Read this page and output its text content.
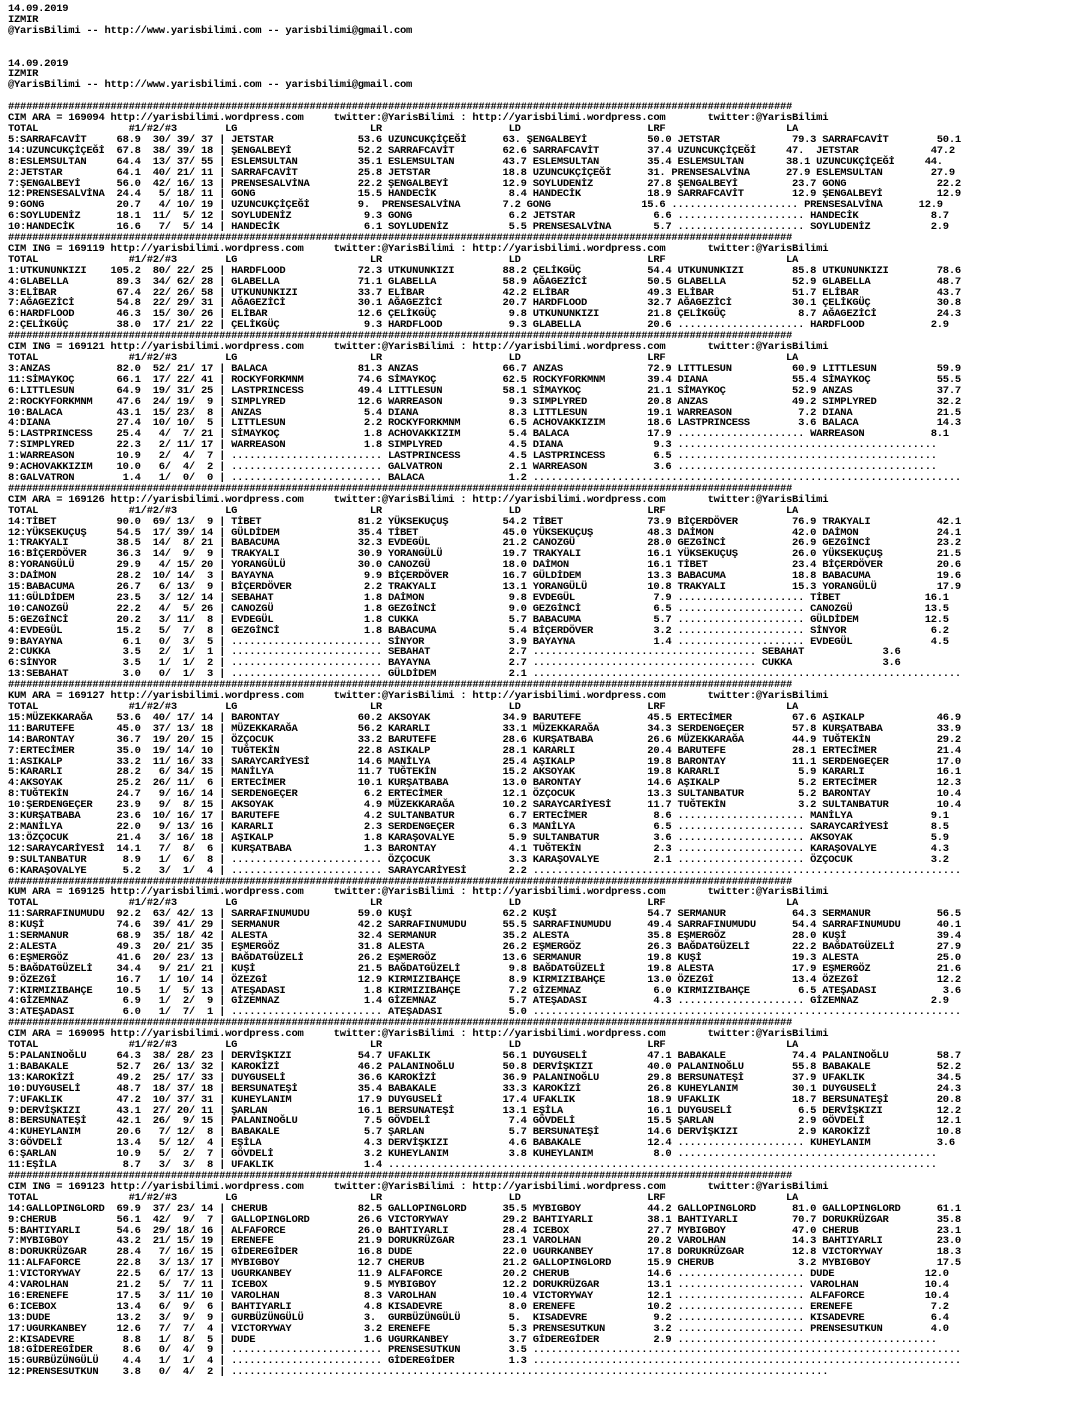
14.09.2019
IZMIR
@YarisBilimi -- http://www.yarisbilimi.com -- yarisbilimi@gmail.com

14.09.2019
IZMIR
@YarisBilimi -- http://www.yarisbilimi.com -- yarisbilimi@gmail.com

##################################################################################################################################
CIM ARA = 169094 http://yarisbilimi.wordpress.com     twitter:@YarisBilimi : http://yarisbilimi.wordpress.com       twitter:@YarisBilimi
TOTAL               #1/#2/#3        LG                      LR                     LD                     LRF                    LA
5:SARRAFCAVİT     68.9  30/ 39/ 37 | JETSTAR              53.6 UZUNCUKÇİÇEĞİ      63. ŞENGALBEYİ          50.0 JETSTAR            79.3 SARRAFCAVİT        50.1
14:UZUNCUKÇİÇEĞİ  67.8  38/ 39/ 18 | ŞENGALBEYİ           52.2 SARRAFCAVİT        62.6 SARRAFCAVİT        37.4 UZUNCUKÇİÇEĞİ     47.  JETSTAR            47.2
8:ESLEMSULTAN     64.4  13/ 37/ 55 | ESLEMSULTAN          35.1 ESLEMSULTAN        43.7 ESLEMSULTAN        35.4 ESLEMSULTAN       38.1 UZUNCUKÇİÇEĞİ     44.
2:JETSTAR         64.1  40/ 21/ 11 | SARRAFCAVİT          25.8 JETSTAR            18.8 UZUNCUKÇİÇEĞİ      31. PRENSESALVİNA      27.9 ESLEMSULTAN        27.9
7:ŞENGALBEYİ      56.0  42/ 16/ 13 | PRENSESALVİNA        22.2 ŞENGALBEYİ         12.9 SOYLUDENİZ         27.8 ŞENGALBEYİ         23.7 GONG               22.2
12:PRENSESALVİNA  24.4   5/ 18/ 11 | GONG                 15.5 HANDECİK            8.4 HANDECİK           18.9 SARRAFCAVİT        12.9 ŞENGALBEYİ         12.9
9:GONG            20.7   4/ 10/ 19 | UZUNCUKÇİÇEĞİ        9.  PRENSESALVİNA       7.2 GONG               15.6 ..................... PRENSESALVİNA      12.9
6:SOYLUDENİZ      18.1  11/  5/ 12 | SOYLUDENİZ            9.3 GONG                6.2 JETSTAR             6.6 ..................... HANDECİK            8.7
10:HANDECİK       16.6   7/  5/ 14 | HANDECİK              6.1 SOYLUDENİZ          5.5 PRENSESALVİNA       5.7 ..................... SOYLUDENİZ          2.9
##################################################################################################################################
CIM ING = 169119 http://yarisbilimi.wordpress.com     twitter:@YarisBilimi : http://yarisbilimi.wordpress.com       twitter:@YarisBilimi
TOTAL               #1/#2/#3        LG                      LR                     LD                     LRF                    LA
1:UTKUNUNKIZI    105.2  80/ 22/ 25 | HARDFLOOD            72.3 UTKUNUNKIZI        88.2 ÇELİKGÜÇ           54.4 UTKUNUNKIZI        85.8 UTKUNUNKIZI        78.6
4:GLABELLA        89.3  34/ 62/ 28 | GLABELLA             71.1 GLABELLA           58.9 AĞAGEZİCİ          50.5 GLABELLA           52.9 GLABELLA           48.7
3:ELİBAR          67.4  22/ 26/ 58 | UTKUNUNKIZI          33.7 ELİBAR             42.2 ELİBAR             49.3 ELİBAR             51.7 ELİBAR             43.7
7:AĞAGEZİCİ       54.8  22/ 29/ 31 | AĞAGEZİCİ            30.1 AĞAGEZİCİ          20.7 HARDFLOOD          32.7 AĞAGEZİCİ          30.1 ÇELİKGÜÇ           30.8
6:HARDFLOOD       46.3  15/ 30/ 26 | ELİBAR               12.6 ÇELİKGÜÇ            9.8 UTKUNUNKIZI        21.8 ÇELİKGÜÇ            8.7 AĞAGEZİCİ          24.3
2:ÇELİKGÜÇ        38.0  17/ 21/ 22 | ÇELİKGÜÇ              9.3 HARDFLOOD           9.3 GLABELLA           20.6 ..................... HARDFLOOD           2.9
##################################################################################################################################
CIM ING = 169121 http://yarisbilimi.wordpress.com     twitter:@YarisBilimi : http://yarisbilimi.wordpress.com       twitter:@YarisBilimi
TOTAL               #1/#2/#3        LG                      LR                     LD                     LRF                    LA
3:ANZAS           82.0  52/ 21/ 17 | BALACA               81.3 ANZAS              66.7 ANZAS              72.9 LITTLESUN          60.9 LITTLESUN          59.9
11:SİMAYKOÇ       66.1  17/ 22/ 41 | ROCKYFORKMNM         74.6 SİMAYKOÇ           62.5 ROCKYFORKMNM       39.4 DIANA              55.4 SİMAYKOÇ           55.5
6:LITTLESUN       64.9  19/ 31/ 25 | LASTPRINCESS         49.4 LITTLESUN          58.1 SİMAYKOÇ           21.1 SİMAYKOÇ           52.9 ANZAS              37.7
2:ROCKYFORKMNM    47.6  24/ 19/  9 | SIMPLYRED            12.6 WARREASON           9.3 SIMPLYRED          20.8 ANZAS              49.2 SIMPLYRED          32.2
10:BALACA         43.1  15/ 23/  8 | ANZAS                 5.4 DIANA               8.3 LITTLESUN          19.1 WARREASON           7.2 DIANA              21.5
4:DIANA           27.4  10/ 10/  5 | LITTLESUN             2.2 ROCKYFORKMNM        6.5 ACHOVAKKIZIM       18.6 LASTPRINCESS        3.6 BALACA             14.3
5:LASTPRINCESS    25.4   4/  7/ 21 | SİMAYKOÇ              1.8 ACHOVAKKIZIM        5.4 BALACA             17.9 ..................... WARREASON           8.1
7:SIMPLYRED       22.3   2/ 11/ 17 | WARREASON             1.8 SIMPLYRED           4.5 DIANA               9.3 ...........................................
1:WARREASON       10.9   2/  4/  7 | ......................... LASTPRINCESS        4.5 LASTPRINCESS        6.5 ...........................................
9:ACHOVAKKIZIM    10.0   6/  4/  2 | ......................... GALVATRON           2.1 WARREASON           3.6 ...........................................
8:GALVATRON        1.4   1/  0/  0 | ......................... BALACA              1.2 .......................................................................
##################################################################################################################################
CIM ARA = 169126 http://yarisbilimi.wordpress.com     twitter:@YarisBilimi : http://yarisbilimi.wordpress.com       twitter:@YarisBilimi
TOTAL               #1/#2/#3        LG                      LR                     LD                     LRF                    LA
14:TİBET          90.0  69/ 13/  9 | TİBET                81.2 YÜKSEKUÇUŞ         54.2 TİBET              73.9 BİÇERDÖVER         76.9 TRAKYALI           42.1
12:YÜKSEKUÇUŞ     54.5  17/ 39/ 14 | GÜLDİDEM             35.4 TİBET              45.0 YÜKSEKUÇUŞ         48.3 DAİMON             42.0 DAİMON             24.1
1:TRAKYALI        38.5  14/  8/ 21 | BABACUMA             32.3 EVDEGÜL            21.2 CANOZGÜ            28.0 GEZGİNCİ           26.9 GEZGİNCİ           23.2
16:BİÇERDÖVER     36.3  14/  9/  9 | TRAKYALI             30.9 YORANGÜLÜ          19.7 TRAKYALI           16.1 YÜKSEKUÇUŞ         26.0 YÜKSEKUÇUŞ         21.5
8:YORANGÜLÜ       29.9   4/ 15/ 20 | YORANGÜLÜ            30.0 CANOZGÜ            18.0 DAİMON             16.1 TİBET              23.4 BİÇERDÖVER         20.6
3:DAİMON          28.2  10/ 14/  3 | BAYAYNA               9.9 BİÇERDÖVER         16.7 GÜLDİDEM           13.3 BABACUMA           18.8 BABACUMA           19.6
15:BABACUMA       26.7   6/ 13/  9 | BİÇERDÖVER            2.2 TRAKYALI           13.1 YORANGÜLÜ          10.8 TRAKYALI           15.3 YORANGÜLÜ          17.9
11:GÜLDİDEM       23.5   3/ 12/ 14 | SEBAHAT               1.8 DAİMON              9.8 EVDEGÜL             7.9 ..................... TİBET              16.1
10:CANOZGÜ        22.2   4/  5/ 26 | CANOZGÜ               1.8 GEZGİNCİ            9.0 GEZGİNCİ            6.5 ..................... CANOZGÜ            13.5
5:GEZGİNCİ        20.2   3/ 11/  8 | EVDEGÜL               1.8 CUKKA               5.7 BABACUMA            5.7 ..................... GÜLDİDEM           12.5
4:EVDEGÜL         15.2   5/  7/  8 | GEZGİNCİ              1.8 BABACUMA            5.4 BİÇERDÖVER          3.2 ..................... SİNYOR              6.2
9:BAYAYNA          6.1   0/  3/  5 | ......................... SİNYOR              3.9 BAYAYNA             1.4 ..................... EVDEGÜL             4.5
2:CUKKA            3.5   2/  1/  1 | ......................... SEBAHAT             2.7 ..................................... SEBAHAT             3.6
6:SİNYOR           3.5   1/  1/  2 | ......................... BAYAYNA             2.7 ..................................... CUKKA               3.6
13:SEBAHAT         3.0   0/  1/  3 | ......................... GÜLDİDEM            2.1 .......................................................................
##################################################################################################################################
KUM ARA = 169127 http://yarisbilimi.wordpress.com     twitter:@YarisBilimi : http://yarisbilimi.wordpress.com       twitter:@YarisBilimi
TOTAL               #1/#2/#3        LG                      LR                     LD                     LRF                    LA
15:MÜZEKKARAĞA    53.6  40/ 17/ 14 | BARONTAY             60.2 AKSOYAK            34.9 BARUTEFE           45.5 ERTECİMER          67.6 AŞIKALP            46.9
11:BARUTEFE       45.0  37/ 13/ 18 | MÜZEKKARAĞA          56.2 KARARLI            33.1 MÜZEKKARAĞA        34.3 SERDENGEÇER        57.8 KURŞATBABA         33.9
14:BARONTAY       36.7  19/ 20/ 15 | ÖZÇOCUK              33.2 BARUTEFE           28.6 KURŞATBABA         26.6 MÜZEKKARAĞA        44.9 TUĞTEKİN           29.2
7:ERTECİMER       35.0  19/ 14/ 10 | TUĞTEKİN             22.8 ASIKALP            28.1 KARARLI            20.4 BARUTEFE           28.1 ERTECİMER          21.4
1:ASIKALP         33.2  11/ 16/ 33 | SARAYCARİYESİ        14.6 MANİLYA            25.4 AŞIKALP            19.8 BARONTAY           11.1 SERDENGEÇER        17.0
5:KARARLI         28.2   6/ 34/ 15 | MANİLYA              11.7 TUĞTEKİN           15.2 AKSOYAK            19.8 KARARLI             5.9 KARARLI            16.1
4:AKSOYAK         25.2  26/ 11/  6 | ERTECİMER            10.1 KURŞATBABA         13.0 BARONTAY           14.6 AŞIKALP             5.2 ERTECİMER          12.3
8:TUĞTEKİN        24.7   9/ 16/ 14 | SERDENGEÇER           6.2 ERTECİMER          12.1 ÖZÇOCUK            13.3 SULTANBATUR         5.2 BARONTAY           10.4
10:ŞERDENGEÇER    23.9   9/  8/ 15 | AKSOYAK               4.9 MÜZEKKARAĞA        10.2 SARAYCARİYESİ      11.7 TUĞTEKİN            3.2 SULTANBATUR        10.4
3:KURŞATBABA      23.6  10/ 16/ 17 | BARUTEFE              4.2 SULTANBATUR         6.7 ERTECİMER           8.6 ..................... MANİLYA             9.1
2:MANİLYA         22.0   9/ 13/ 16 | KARARLI               2.3 SERDENGEÇER         6.3 MANİLYA             6.5 ..................... SARAYCARİYESİ       8.5
13:ÖZÇOCUK        21.4   3/ 16/ 18 | AŞIKALP               1.8 KARAŞOVALYE         5.9 SULTANBATUR         3.6 ..................... AKSOYAK             5.9
12:SARAYCARİYESİ  14.1   7/  8/  6 | KURŞATBABA            1.3 BARONTAY            4.1 TUĞTEKİN            2.3 ..................... KARAŞOVALYE         4.3
9:SULTANBATUR      8.9   1/  6/  8 | ......................... ÖZÇOCUK             3.3 KARAŞOVALYE         2.1 ..................... ÖZÇOCUK             3.2
6:KARAŞOVALYE      5.2   3/  1/  4 | ......................... SARAYCARİYESİ       2.2 .......................................................................
##################################################################################################################################
KUM ARA = 169125 http://yarisbilimi.wordpress.com     twitter:@YarisBilimi : http://yarisbilimi.wordpress.com       twitter:@YarisBilimi
TOTAL               #1/#2/#3        LG                      LR                     LD                     LRF                    LA
11:SARRAFINUMUDU  92.2  63/ 42/ 13 | SARRAFINUMUDU        59.0 KUŞİ               62.2 KUŞİ               54.7 SERMANUR           64.3 SERMANUR           56.5
8:KUŞİ            74.6  39/ 41/ 29 | SERMANUR             42.2 SARRAFINUMUDU      55.5 SARRAFINUMUDU      49.4 SARRAFINUMUDU      54.4 SARRAFINUMUDU      40.1
1:SERMANUR        68.9  35/ 18/ 42 | ALESTA               32.4 SERMANUR           35.2 ALESTA             35.8 EŞMERGÖZ           28.0 KUŞİ               39.4
2:ALESTA          49.3  20/ 21/ 35 | EŞMERGÖZ             31.8 ALESTA             26.2 EŞMERGÖZ           26.3 BAĞDATGÜZELİ       22.2 BAĞDATGÜZELİ       27.9
6:EŞMERGÖZ        41.6  20/ 23/ 13 | BAĞDATGÜZELİ         26.2 EŞMERGÖZ           13.6 SERMANUR           19.8 KUŞİ               19.3 ALESTA             25.0
5:BAĞDATGÜZELİ    34.4   9/ 21/ 21 | KUŞİ                 21.5 BAĞDATGÜZELİ        9.8 BAĞDATGÜZELİ       19.8 ALESTA             17.9 EŞMERGÖZ           21.6
9:ÖZEZGİ          16.7   1/ 10/ 14 | ÖZEZGİ               12.9 KIRMIZIBAHÇE        8.9 KIRMIZIBAHÇE       13.0 ÖZEZGİ             13.4 ÖZEZGİ             12.2
7:KIRMIZIBAHÇE    10.5   1/  5/ 13 | ATEŞADASI             1.8 KIRMIZIBAHÇE        7.2 GİZEMNAZ            6.0 KIRMIZIBAHÇE        6.5 ATEŞADASI           3.6
4:GİZEMNAZ         6.9   1/  2/  9 | GİZEMNAZ              1.4 GİZEMNAZ            5.7 ATEŞADASI           4.3 ..................... GİZEMNAZ            2.9
3:ATEŞADASI        6.0   1/  7/  1 | ......................... ATEŞADASI           5.0 .......................................................................
##################################################################################################################################
CIM ARA = 169095 http://yarisbilimi.wordpress.com     twitter:@YarisBilimi : http://yarisbilimi.wordpress.com       twitter:@YarisBilimi
TOTAL               #1/#2/#3        LG                      LR                     LD                     LRF                    LA
5:PALANINOĞLU     64.3  38/ 28/ 23 | DERVİŞKIZI           54.7 UFAKLIK            56.1 DUYGUSELİ          47.1 BABAKALE           74.4 PALANINOĞLU        58.7
1:BABAKALE        52.7  26/ 13/ 32 | KAROKİZİ             46.2 PALANINOĞLU        50.8 DERVİŞKIZI         40.0 PALANINOĞLU        55.8 BABAKALE           52.2
13:KAROKİZİ       49.2  25/ 17/ 33 | DUYGUSELİ            36.6 KAROKİZİ           36.9 PALANINOĞLU        29.8 BERSUNATEŞİ        37.9 UFAKLIK            34.5
10:DUYGUSELİ      48.7  18/ 37/ 18 | BERSUNATEŞİ          35.4 BABAKALE           33.3 KAROKİZİ           26.8 KUHEYLANIM         30.1 DUYGUSELİ          24.3
7:UFAKLIK         47.2  10/ 37/ 31 | KUHEYLANIM           17.9 DUYGUSELİ          17.4 UFAKLIK            18.9 UFAKLIK            18.7 BERSUNATEŞİ        20.8
9:DERVİŞKIZI      43.1  27/ 20/ 11 | ŞARLAN               16.1 BERSUNATEŞİ        13.1 EŞİLA              16.1 DUYGUSELİ           6.5 DERVİŞKIZI         12.2
8:BERSUNATEŞİ     42.1  26/  9/ 15 | PALANINOĞLU           7.5 GÖVDELİ             7.4 GÖVDELİ            15.5 ŞARLAN              2.9 GÖVDELİ            12.1
4:KUHEYLANIM      20.6   7/ 12/  8 | BABAKALE              5.7 ŞARLAN              5.7 BERSUNATEŞİ        14.6 DERVİŞKIZI          2.9 KAROKİZİ           10.8
3:GÖVDELİ         13.4   5/ 12/  4 | EŞİLA                 4.3 DERVİŞKIZI          4.6 BABAKALE           12.4 ..................... KUHEYLANIM           3.6
6:ŞARLAN          10.9   5/  2/  7 | GÖVDELİ               3.2 KUHEYLANIM          3.8 KUHEYLANIM          8.0 ...........................................
11:EŞİLA           8.7   3/  3/  8 | UFAKLIK               1.4 ...........................................................................................
##################################################################################################################################
CIM ING = 169123 http://yarisbilimi.wordpress.com     twitter:@YarisBilimi : http://yarisbilimi.wordpress.com       twitter:@YarisBilimi
TOTAL               #1/#2/#3        LG                      LR                     LD                     LRF                    LA
14:GALLOPINGLORD  69.9  37/ 23/ 14 | CHERUB               82.5 GALLOPINGLORD      35.5 MYBIGBOY           44.2 GALLOPINGLORD      81.0 GALLOPINGLORD      61.1
9:CHERUB          56.1  42/  9/  7 | GALLOPINGLORD        26.6 VICTORYWAY         29.2 BAHTIYARLI         38.1 BAHTIYARLI         70.7 DORUKRÜZGAR        35.8
5:BAHTIYARLI      54.6  29/ 18/ 16 | ALFAFORCE            26.0 BAHTIYARLI         28.4 ICEBOX             27.7 MYBIGBOY           47.0 CHERUB             23.1
7:MYBIGBOY        43.2  21/ 15/ 19 | ERENEFE              21.9 DORUKRÜZGAR        23.1 VAROLHAN           20.2 VAROLHAN           14.3 BAHTIYARLI         23.0
8:DORUKRÜZGAR     28.4   7/ 16/ 15 | GİDEREGİDER          16.8 DUDE               22.0 UGURKANBEY         17.8 DORUKRÜZGAR        12.8 VICTORYWAY         18.3
11:ALFAFORCE      22.8   3/ 13/ 17 | MYBIGBOY             12.7 CHERUB             21.2 GALLOPINGLORD      15.9 CHERUB              3.2 MYBIGBOY           17.5
1:VICTORYWAY      22.5   6/ 17/ 13 | UGURKANBEY           11.9 ALFAFORCE          20.2 CHERUB             14.6 ..................... DUDE               12.0
4:VAROLHAN        21.2   5/  7/ 11 | ICEBOX                9.5 MYBIGBOY           12.2 DORUKRÜZGAR        13.1 ..................... VAROLHAN           10.4
16:ERENEFE        17.5   3/ 11/ 10 | VAROLHAN              8.3 VAROLHAN           10.4 VICTORYWAY         12.1 ..................... ALFAFORCE          10.4
6:ICEBOX          13.4   6/  9/  6 | BAHTIYARLI            4.8 KISADEVRE           8.0 ERENEFE            10.2 ..................... ERENEFE             7.2
13:DUDE           13.2   3/  9/  9 | GURBÜZÜNGÜLÜ          3.  GURBÜZÜNGÜLÜ        5.  KISADEVRE           9.2 ..................... KISADEVRE           6.4
17:UGURKANBEY     12.6   7/  7/  4 | VICTORYWAY            3.2 ERENEFE             5.3 PRENSESUTKUN        3.2 ..................... PRENSESUTKUN        4.0
2:KISADEVRE        8.8   1/  8/  5 | DUDE                  1.6 UGURKANBEY          3.7 GİDEREGİDER         2.9 ...........................................
18:GİDEREGİDER     8.6   0/  4/  9 | ......................... PRENSESUTKUN        3.5 .......................................................................
15:GURBÜZÜNGÜLÜ    4.4   1/  1/  4 | ......................... GİDEREGİDER         1.3 .......................................................................
12:PRENSESUTKUN    3.8   0/  4/  2 | ...................................................................................................
